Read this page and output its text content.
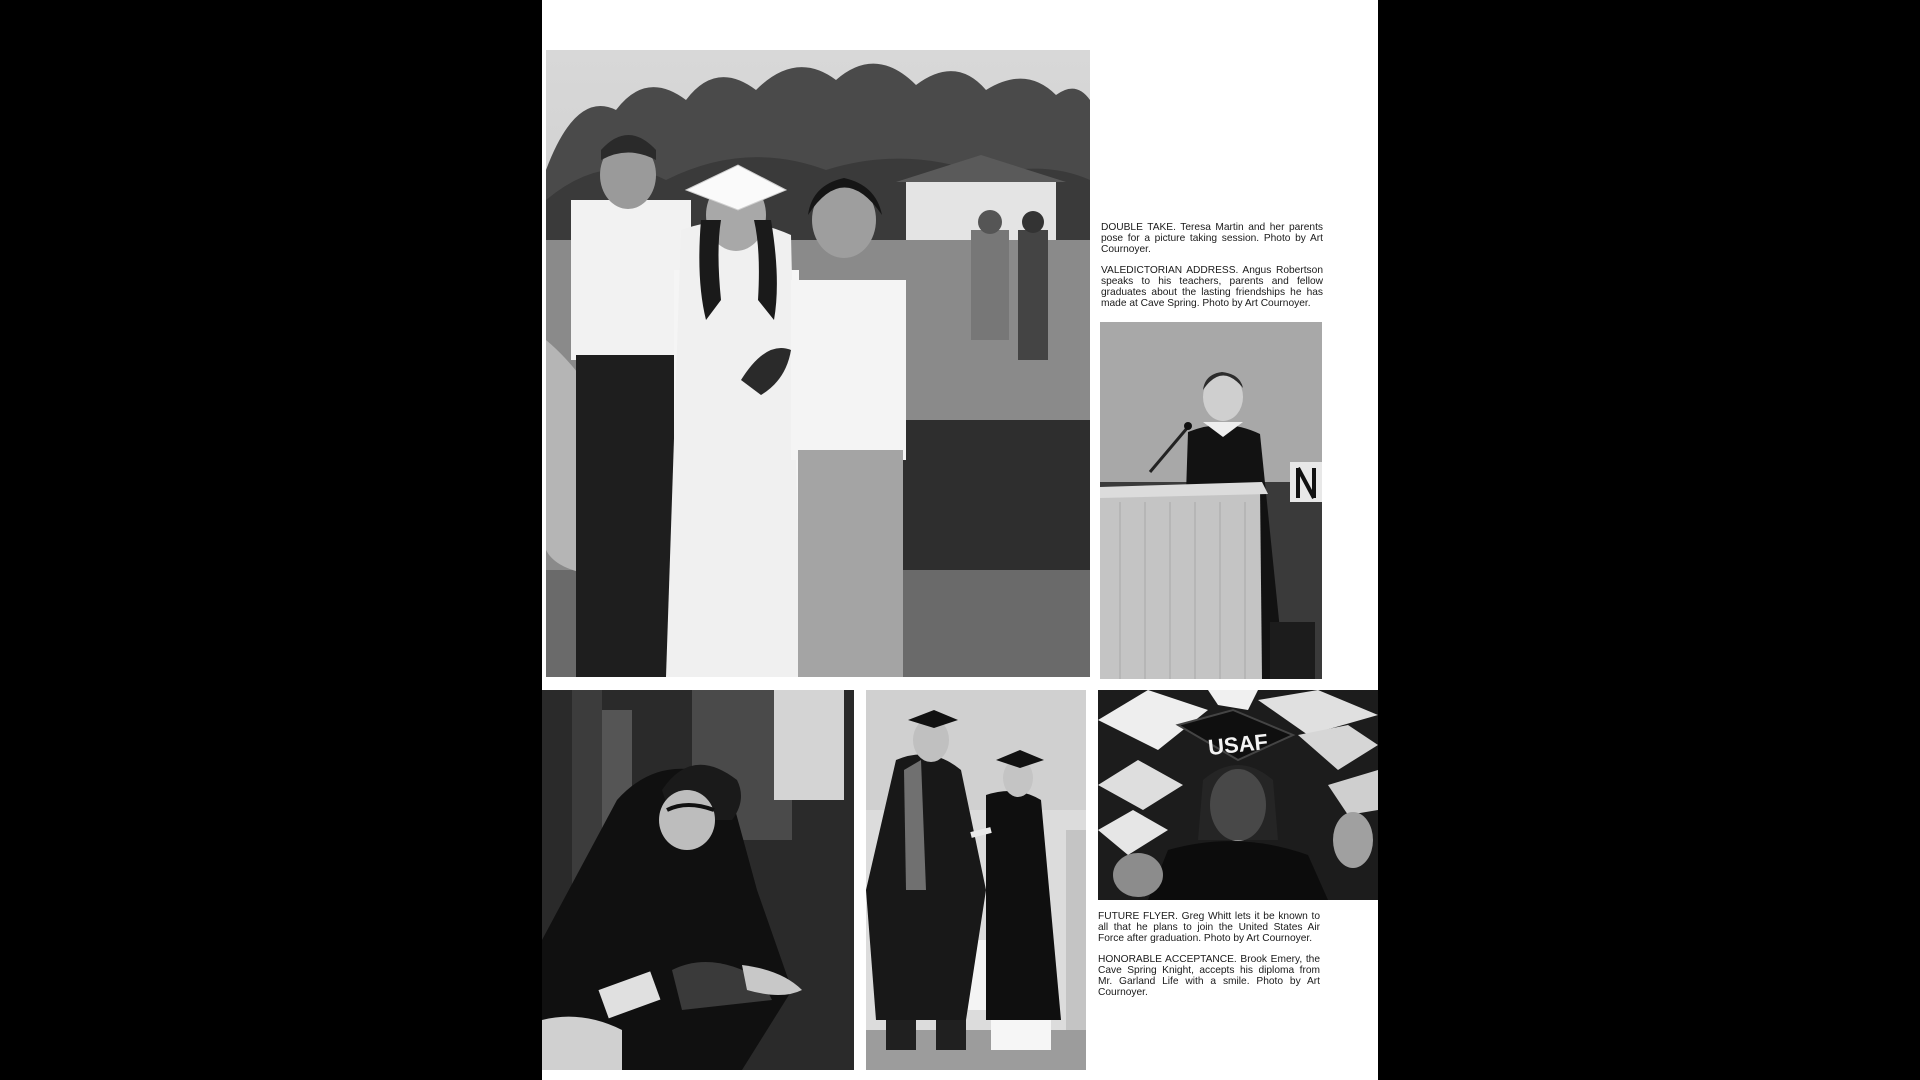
USAF

DOUBLE TAKE. Teresa Martin and her parents pose for a picture taking session. Photo by Art Cournoyer.

VALEDICTORIAN ADDRESS. Angus Robertson speaks to his teachers, parents and fellow graduates about the lasting friendships he has made at Cave Spring. Photo by Art Cournoyer.

FUTURE FLYER. Greg Whitt lets it be known to all that he plans to join the United States Air Force after graduation. Photo by Art Cournoyer.

HONORABLE ACCEPTANCE. Brook Emery, the Cave Spring Knight, accepts his diploma from Mr. Garland Life with a smile. Photo by Art Cournoyer.
